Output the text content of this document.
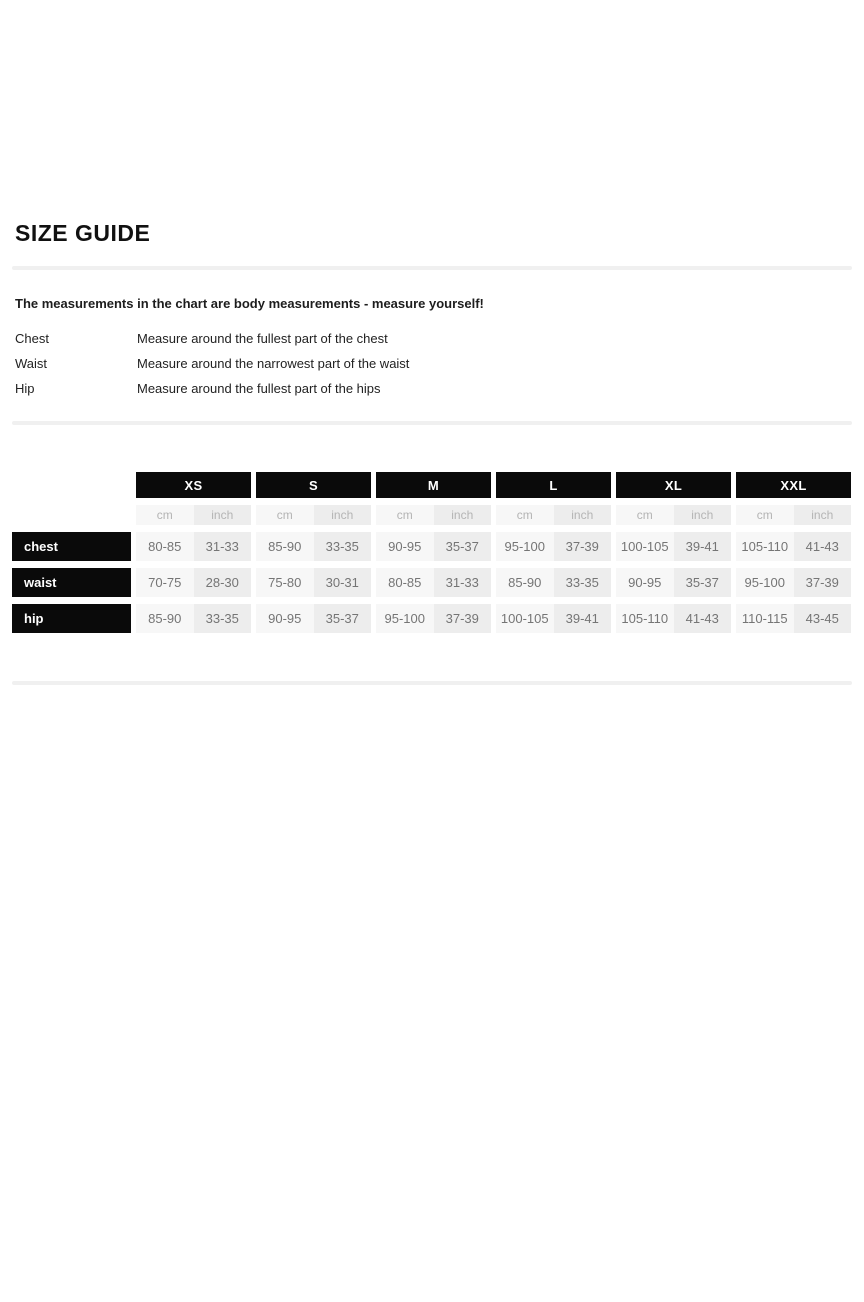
SIZE GUIDE

The measurements in the chart are body measurements - measure yourself!

Chest	Measure around the fullest part of the chest
Waist	Measure around the narrowest part of the waist
Hip	Measure around the fullest part of the hips
XS	S	M	L	XL	XXL
cm	inch	cm	inch	cm	inch	cm	inch	cm	inch	cm	inch
chest	80-85	31-33	85-90	33-35	90-95	35-37	95-100	37-39	100-105	39-41	105-110	41-43
waist	70-75	28-30	75-80	30-31	80-85	31-33	85-90	33-35	90-95	35-37	95-100	37-39
hip	85-90	33-35	90-95	35-37	95-100	37-39	100-105	39-41	105-110	41-43	110-115	43-45
